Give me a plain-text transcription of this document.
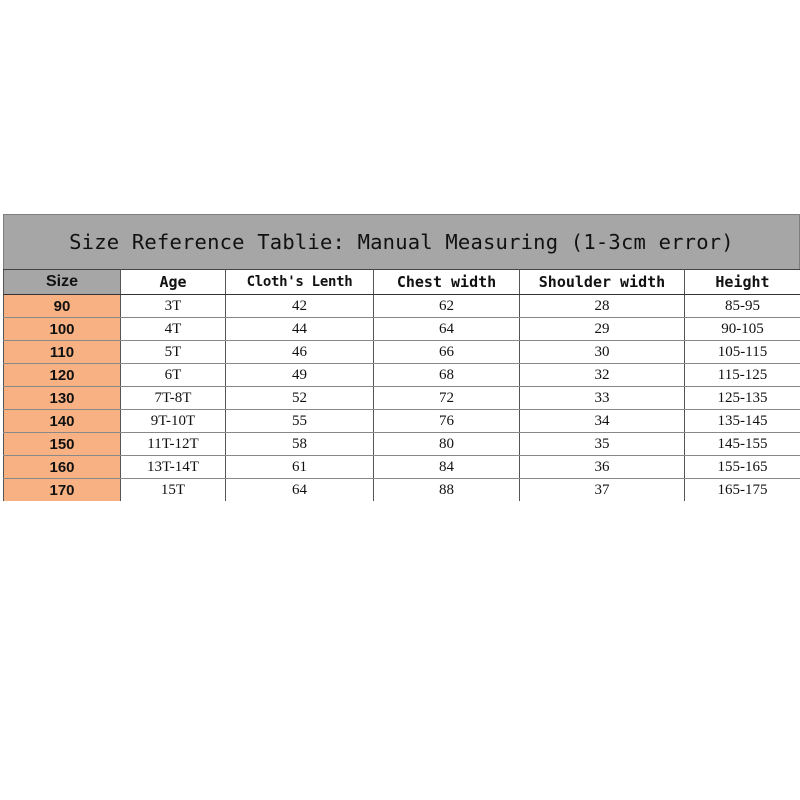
Size Reference Tablie: Manual Measuring (1-3cm error)
Size	Age	Cloth's Lenth	Chest width	Shoulder width	Height
90	3T	42	62	28	85-95
100	4T	44	64	29	90-105
110	5T	46	66	30	105-115
120	6T	49	68	32	115-125
130	7T-8T	52	72	33	125-135
140	9T-10T	55	76	34	135-145
150	11T-12T	58	80	35	145-155
160	13T-14T	61	84	36	155-165
170	15T	64	88	37	165-175
